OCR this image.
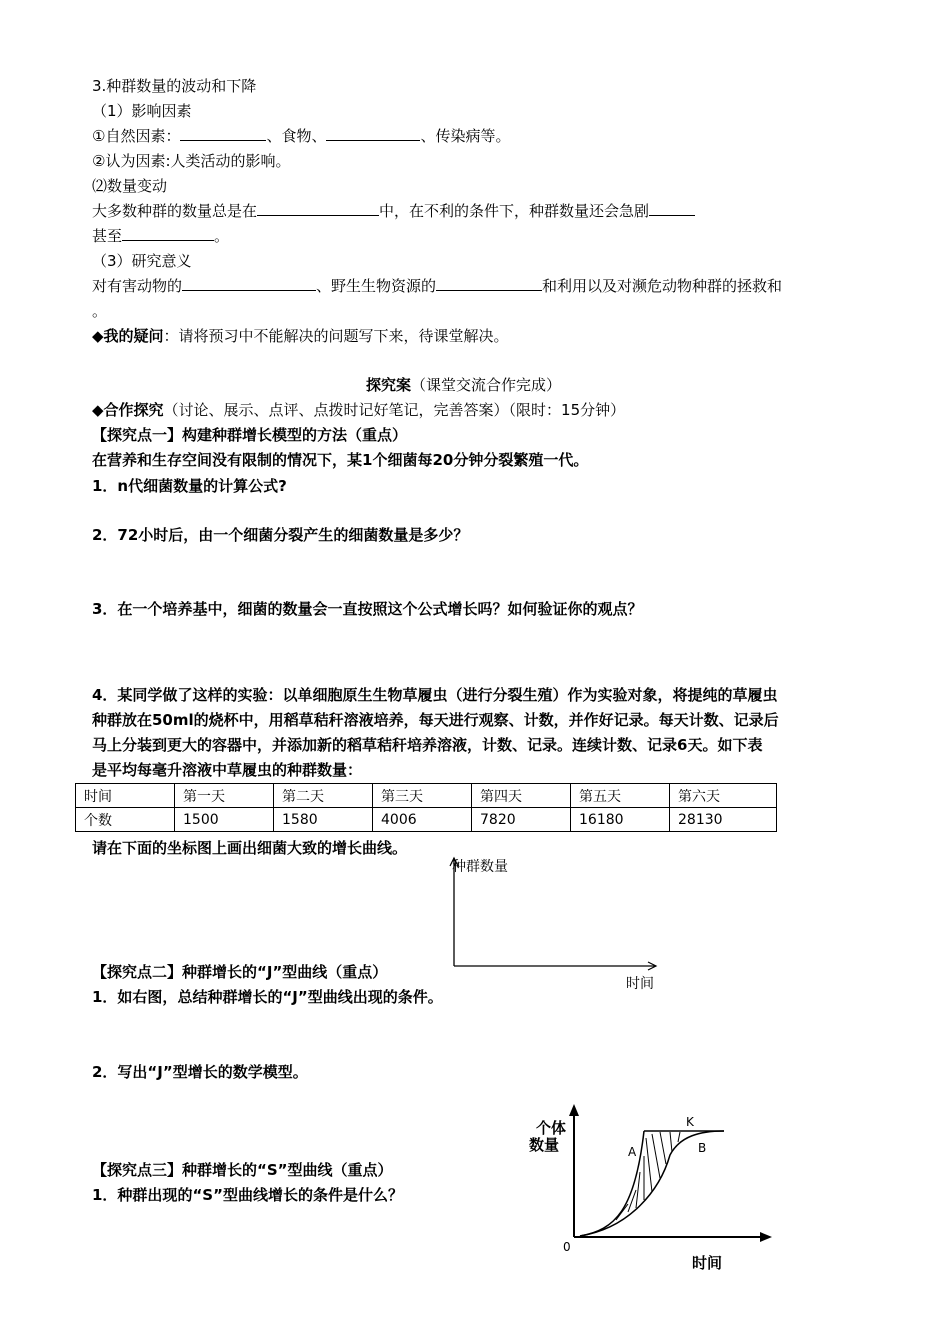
3.种群数量的波动和下降
（1）影响因素
①自然因素：	、食物、	、传染病等。
②认为因素:人类活动的影响。
⑵数量变动
大多数种群的数量总是在	中，在不利的条件下，种群数量还会急剧
甚至	。
（3）研究意义
对有害动物的	、野生生物资源的	和利用以及对濒危动物种群的拯救和
。
◆我的疑问：请将预习中不能解决的问题写下来，待课堂解决。
探究案（课堂交流合作完成）
◆合作探究（讨论、展示、点评、点拨时记好笔记，完善答案）（限时：15分钟）
【探究点一】构建种群增长模型的方法（重点）
在营养和生存空间没有限制的情况下，某1个细菌每20分钟分裂繁殖一代。
1．n代细菌数量的计算公式?
2．72小时后，由一个细菌分裂产生的细菌数量是多少？
3．在一个培养基中，细菌的数量会一直按照这个公式增长吗？如何验证你的观点？
4．某同学做了这样的实验：以单细胞原生生物草履虫（进行分裂生殖）作为实验对象，将提纯的草履虫
种群放在50ml的烧杯中，用稻草秸秆溶液培养，每天进行观察、计数，并作好记录。每天计数、记录后
马上分装到更大的容器中，并添加新的稻草秸秆培养溶液，计数、记录。连续计数、记录6天。如下表
是平均每毫升溶液中草履虫的种群数量：
时间	第一天	第二天	第三天	第四天	第五天	第六天
个数	1500	1580	4006	7820	16180	28130
请在下面的坐标图上画出细菌大致的增长曲线。
种群数量
时间
【探究点二】种群增长的“J”型曲线（重点）
1．如右图，总结种群增长的“J”型曲线出现的条件。
2．写出“J”型增长的数学模型。
【探究点三】种群增长的“S”型曲线（重点）
1．种群出现的“S”型曲线增长的条件是什么？
个体
数量
K
A	B
0
时间
